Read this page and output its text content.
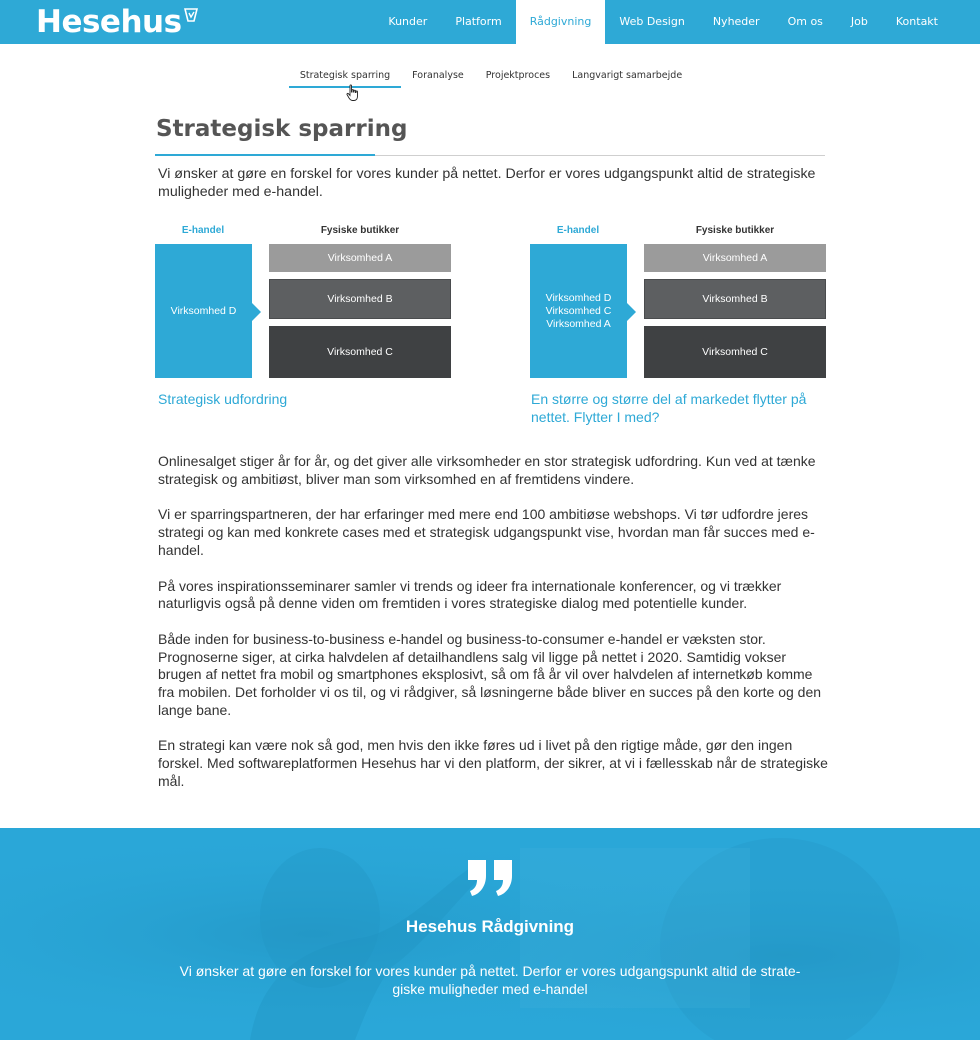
Hesehus	Kunder	Platform	Rådgivning	Web Design	Nyheder	Om os	Job	Kontakt
Strategisk sparring	Foranalyse	Projektproces	Langvarigt samarbejde
Strategisk sparring
Vi ønsker at gøre en forskel for vores kunder på nettet. Derfor er vores udgangspunkt altid de strategiske muligheder med e-handel.
E-handel	Fysiske butikker
Virksomhed D
Virksomhed A
Virksomhed B
Virksomhed C
E-handel	Fysiske butikker
Virksomhed D
Virksomhed C
Virksomhed A
Virksomhed A
Virksomhed B
Virksomhed C
Strategisk udfordring	En større og større del af markedet flytter på nettet. Flytter I med?

Onlinesalget stiger år for år, og det giver alle virksomheder en stor strategisk udfordring. Kun ved at tænke strategisk og ambitiøst, bliver man som virksomhed en af fremtidens vindere.

Vi er sparringspartneren, der har erfaringer med mere end 100 ambitiøse webshops. Vi tør udfordre jeres strategi og kan med konkrete cases med et strategisk udgangspunkt vise, hvordan man får succes med e-handel.

På vores inspirationsseminarer samler vi trends og ideer fra internationale konferencer, og vi trækker naturligvis også på denne viden om fremtiden i vores strategiske dialog med potentielle kunder.

Både inden for business-to-business e-handel og business-to-consumer e-handel er væksten stor. Prognoserne siger, at cirka halvdelen af detailhandlens salg vil ligge på nettet i 2020. Samtidig vokser brugen af nettet fra mobil og smartphones eksplosivt, så om få år vil over halvdelen af internetkøb komme fra mobilen. Det forholder vi os til, og vi rådgiver, så løsningerne både bliver en succes på den korte og den lange bane.

En strategi kan være nok så god, men hvis den ikke føres ud i livet på den rigtige måde, gør den ingen forskel. Med softwareplatformen Hesehus har vi den platform, der sikrer, at vi i fællesskab når de strategiske mål.

Hesehus Rådgivning
Vi ønsker at gøre en forskel for vores kunder på nettet. Derfor er vores udgangspunkt altid de strate-giske muligheder med e-handel
